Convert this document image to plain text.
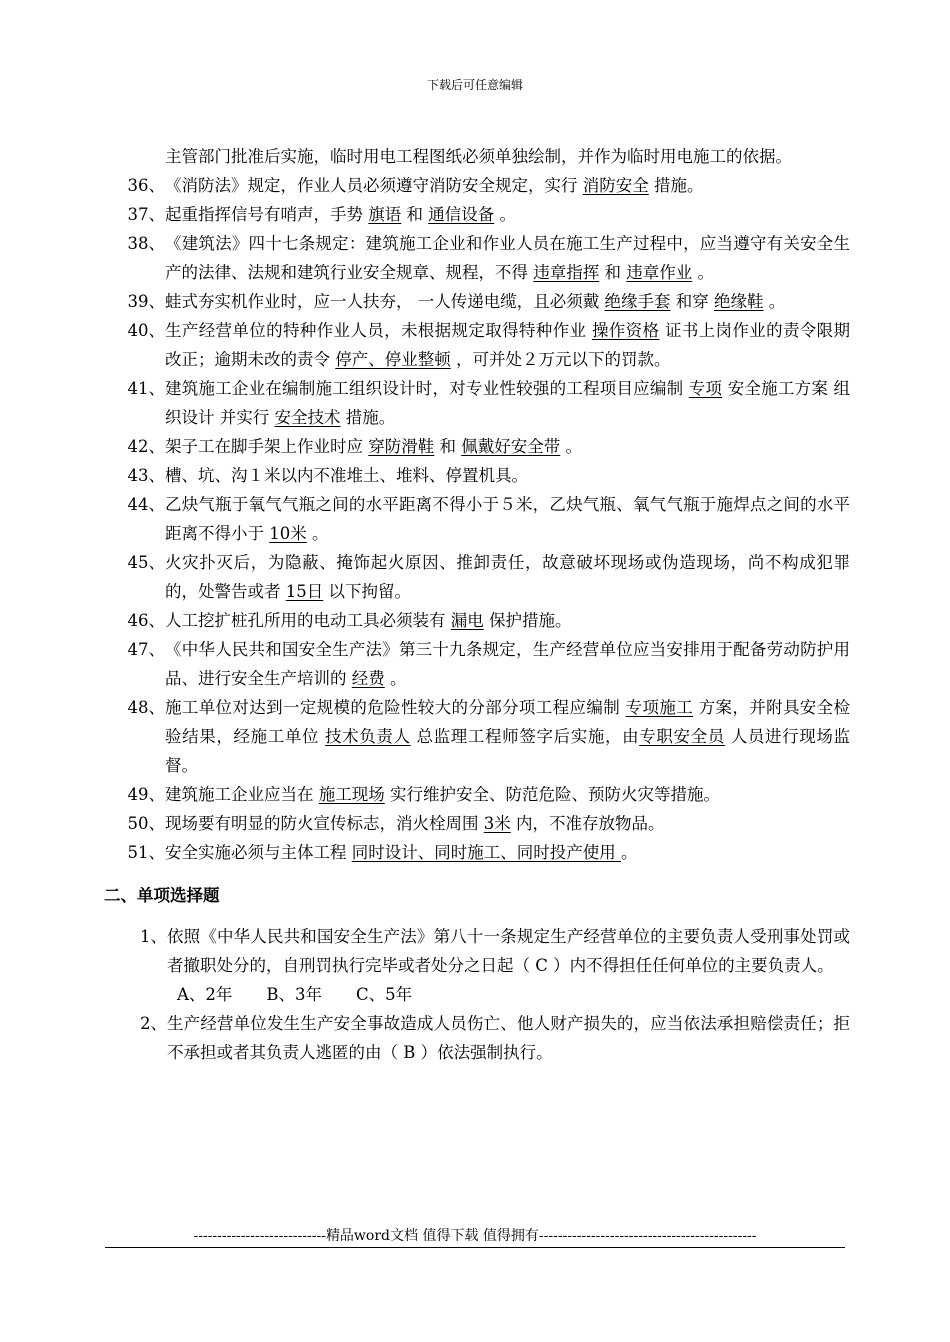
下载后可任意编辑
主管部门批准后实施，临时用电工程图纸必须单独绘制，并作为临时用电施工的依据。
36、 《消防法》规定，作业人员必须遵守消防安全规定，实行 消防安全 措施。
37、 起重指挥信号有哨声，手势 旗语 和 通信设备 。
38、 《建筑法》四十七条规定：建筑施工企业和作业人员在施工生产过程中，应当遵守有关安全生产的法律、法规和建筑行业安全规章、规程，不得 违章指挥 和 违章作业 。
39、 蛙式夯实机作业时，应一人扶夯， 一人传递电缆，且必须戴 绝缘手套 和穿 绝缘鞋 。
40、 生产经营单位的特种作业人员，未根据规定取得特种作业 操作资格 证书上岗作业的责令限期改正；逾期未改的责令 停产、停业整顿 ，可并处２万元以下的罚款。
41、 建筑施工企业在编制施工组织设计时，对专业性较强的工程项目应编制 专项 安全施工方案 组织设计 并实行 安全技术 措施。
42、 架子工在脚手架上作业时应 穿防滑鞋 和 佩戴好安全带 。
43、 槽、坑、沟１米以内不准堆土、堆料、停置机具。
44、 乙炔气瓶于氧气气瓶之间的水平距离不得小于５米，乙炔气瓶、氧气气瓶于施焊点之间的水平距离不得小于 10米 。
45、 火灾扑灭后，为隐蔽、掩饰起火原因、推卸责任，故意破坏现场或伪造现场，尚不构成犯罪的，处警告或者 15日 以下拘留。
46、 人工挖扩桩孔所用的电动工具必须装有 漏电 保护措施。
47、 《中华人民共和国安全生产法》第三十九条规定，生产经营单位应当安排用于配备劳动防护用品、进行安全生产培训的 经费 。
48、 施工单位对达到一定规模的危险性较大的分部分项工程应编制 专项施工 方案，并附具安全检验结果，经施工单位 技术负责人 总监理工程师签字后实施，由专职安全员 人员进行现场监督。
49、 建筑施工企业应当在 施工现场 实行维护安全、防范危险、预防火灾等措施。
50、 现场要有明显的防火宣传标志，消火栓周围 3米 内，不准存放物品。
51、 安全实施必须与主体工程 同时设计、同时施工、同时投产使用 。
二、单项选择题
1、 依照《中华人民共和国安全生产法》第八十一条规定生产经营单位的主要负责人受刑事处罚或者撤职处分的，自刑罚执行完毕或者处分之日起（ C ）内不得担任任何单位的主要负责人。
A、2年 B、3年 C、5年
2、 生产经营单位发生生产安全事故造成人员伤亡、他人财产损失的，应当依法承担赔偿责任；拒不承担或者其负责人逃匿的由（ B ）依法强制执行。
----------------------------精品word文档 值得下载 值得拥有----------------------------------------------
